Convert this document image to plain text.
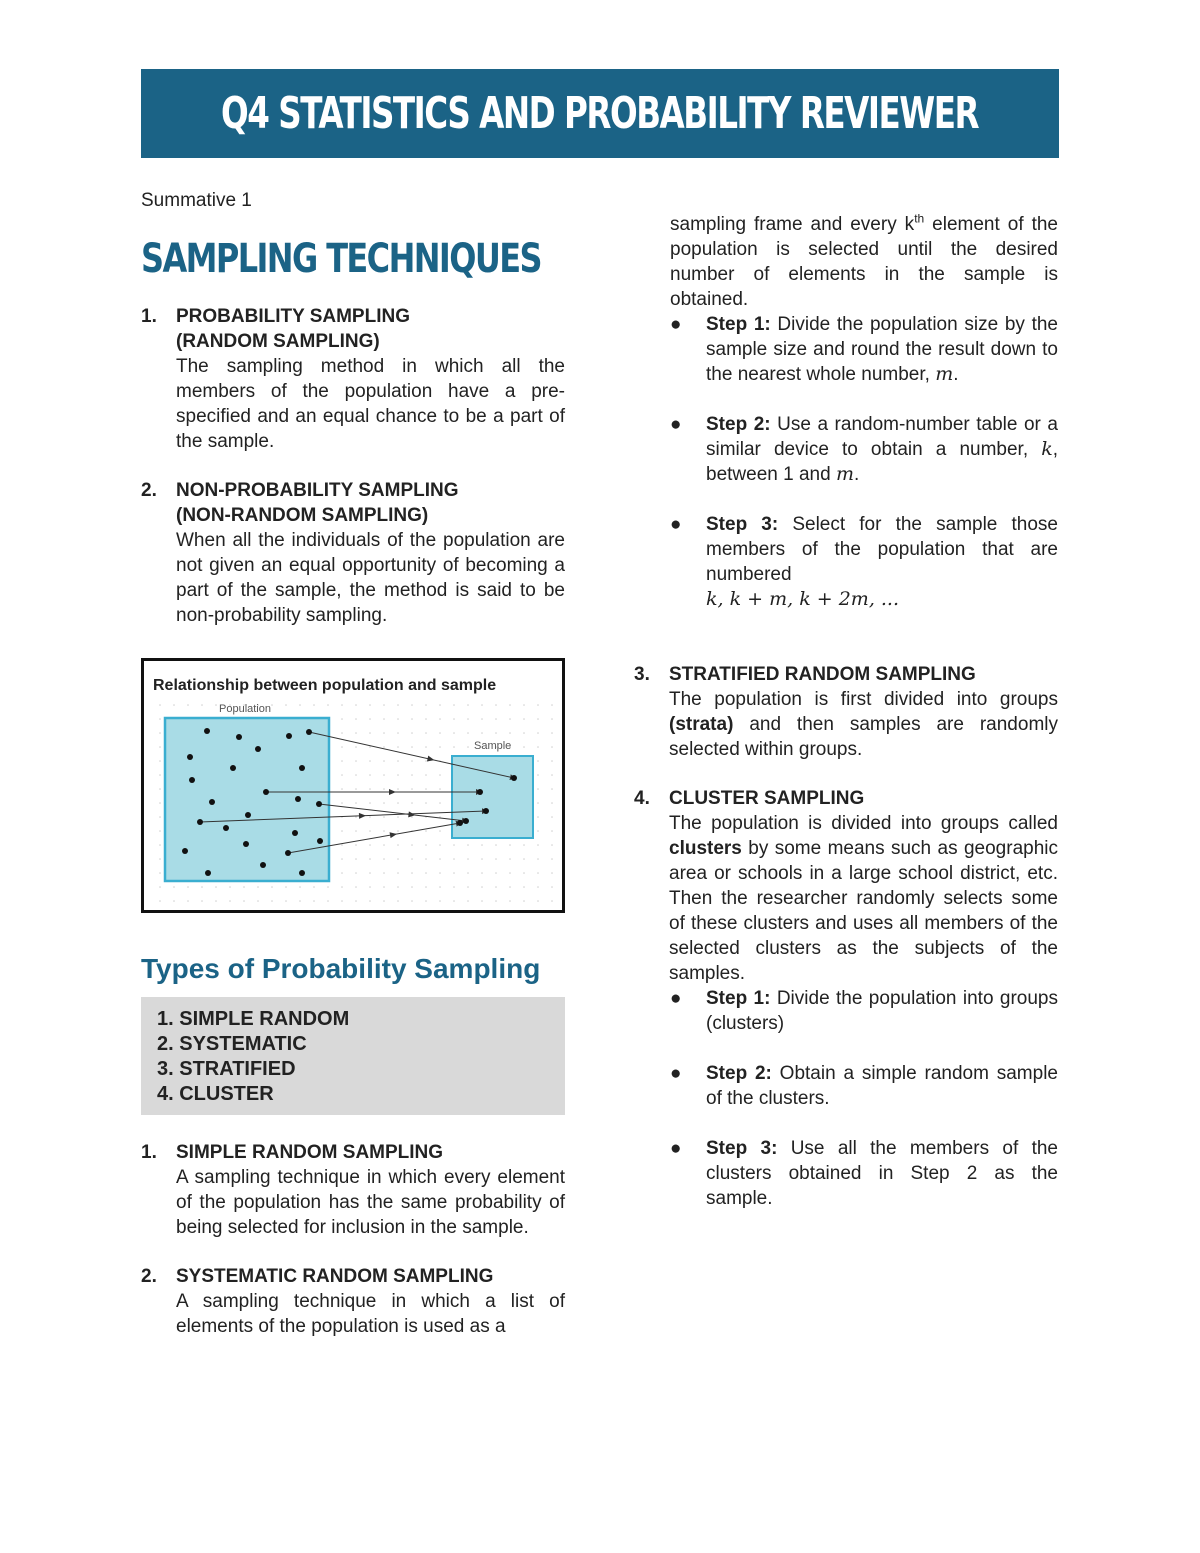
Q4 STATISTICS AND PROBABILITY REVIEWER

Summative 1

SAMPLING TECHNIQUES
1. PROBABILITY SAMPLING
(RANDOM SAMPLING)
The sampling method in which all the members of the population have a pre-specified and an equal chance to be a part of the sample.
2. NON-PROBABILITY SAMPLING
(NON-RANDOM SAMPLING)
When all the individuals of the population are not given an equal opportunity of becoming a part of the sample, the method is said to be non-probability sampling.
Relationship between population and sample
Population
Sample
Types of Probability Sampling
1. SIMPLE RANDOM
2. SYSTEMATIC
3. STRATIFIED
4. CLUSTER
1. SIMPLE RANDOM SAMPLING
A sampling technique in which every element of the population has the same probability of being selected for inclusion in the sample.
2. SYSTEMATIC RANDOM SAMPLING
A sampling technique in which a list of elements of the population is used as a
sampling frame and every $k^{th}$ element of the population is selected until the desired number of elements in the sample is obtained.
● Step 1: Divide the population size by the sample size and round the result down to the nearest whole number, m.
● Step 2: Use a random-number table or a similar device to obtain a number, k, between 1 and m.
● Step 3: Select for the sample those members of the population that are numbered
k, k + m, k + 2m, ...
3. STRATIFIED RANDOM SAMPLING
The population is first divided into groups (strata) and then samples are randomly selected within groups.
4. CLUSTER SAMPLING
The population is divided into groups called clusters by some means such as geographic area or schools in a large school district, etc. Then the researcher randomly selects some of these clusters and uses all members of the selected clusters as the subjects of the samples.
● Step 1: Divide the population into groups (clusters)
● Step 2: Obtain a simple random sample of the clusters.
● Step 3: Use all the members of the clusters obtained in Step 2 as the sample.
